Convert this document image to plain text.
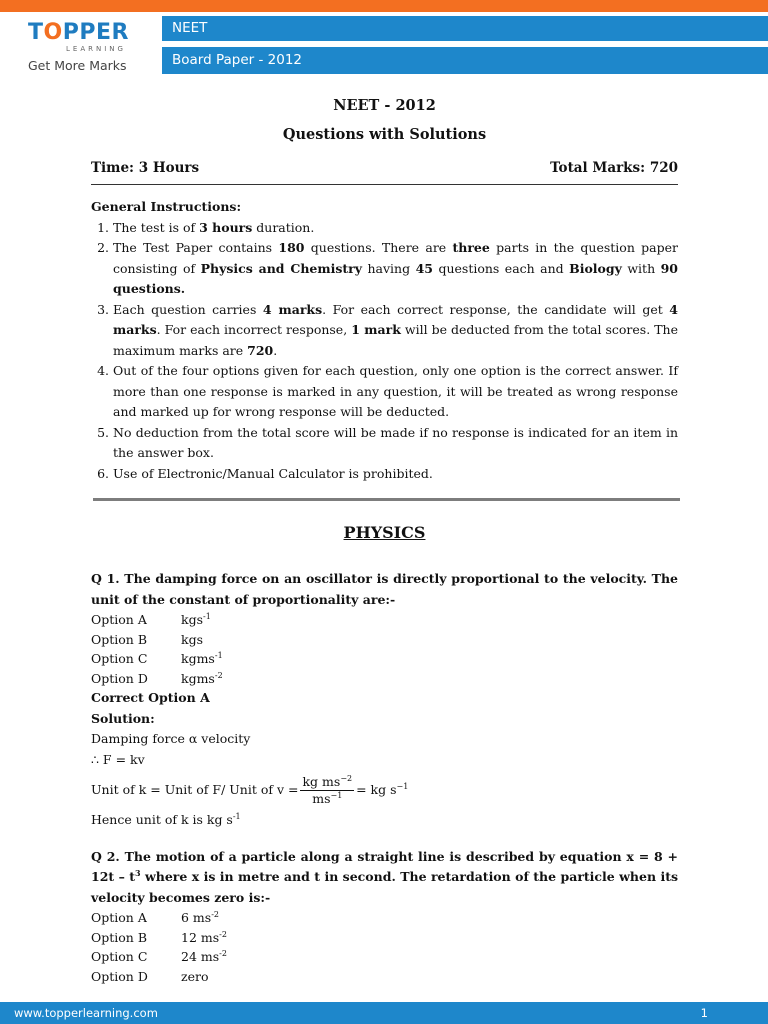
TOPPER
LEARNING
Get More Marks
NEET
Board Paper - 2012
NEET - 2012
Questions with Solutions
Time: 3 Hours	Total Marks: 720
General Instructions:
1. The test is of 3 hours duration.
2. The Test Paper contains 180 questions. There are three parts in the question paper consisting of Physics and Chemistry having 45 questions each and Biology with 90 questions.
3. Each question carries 4 marks. For each correct response, the candidate will get 4 marks. For each incorrect response, 1 mark will be deducted from the total scores. The maximum marks are 720.
4. Out of the four options given for each question, only one option is the correct answer. If more than one response is marked in any question, it will be treated as wrong response and marked up for wrong response will be deducted.
5. No deduction from the total score will be made if no response is indicated for an item in the answer box.
6. Use of Electronic/Manual Calculator is prohibited.
PHYSICS
Q 1. The damping force on an oscillator is directly proportional to the velocity. The unit of the constant of proportionality are:-
Option A	kgs$^{-1}$
Option B	kgs
Option C	kgms$^{-1}$
Option D	kgms$^{-2}$
Correct Option A
Solution:
Damping force α velocity
∴ F = kv
Unit of k = Unit of F/ Unit of $v = \frac{kg ms^{-2}}{ms^{-1}}$ = kg $s^{-1}$
Hence unit of k is kg $s^{-1}$
Q 2. The motion of a particle along a straight line is described by equation $x = 8 + 12t - t^3$ where x is in metre and t in second. The retardation of the particle when its velocity becomes zero is:-
Option A	6 $ms^{-2}$
Option B	12 $ms^{-2}$
Option C	24 $ms^{-2}$
Option D	zero
www.topperlearning.com	1
